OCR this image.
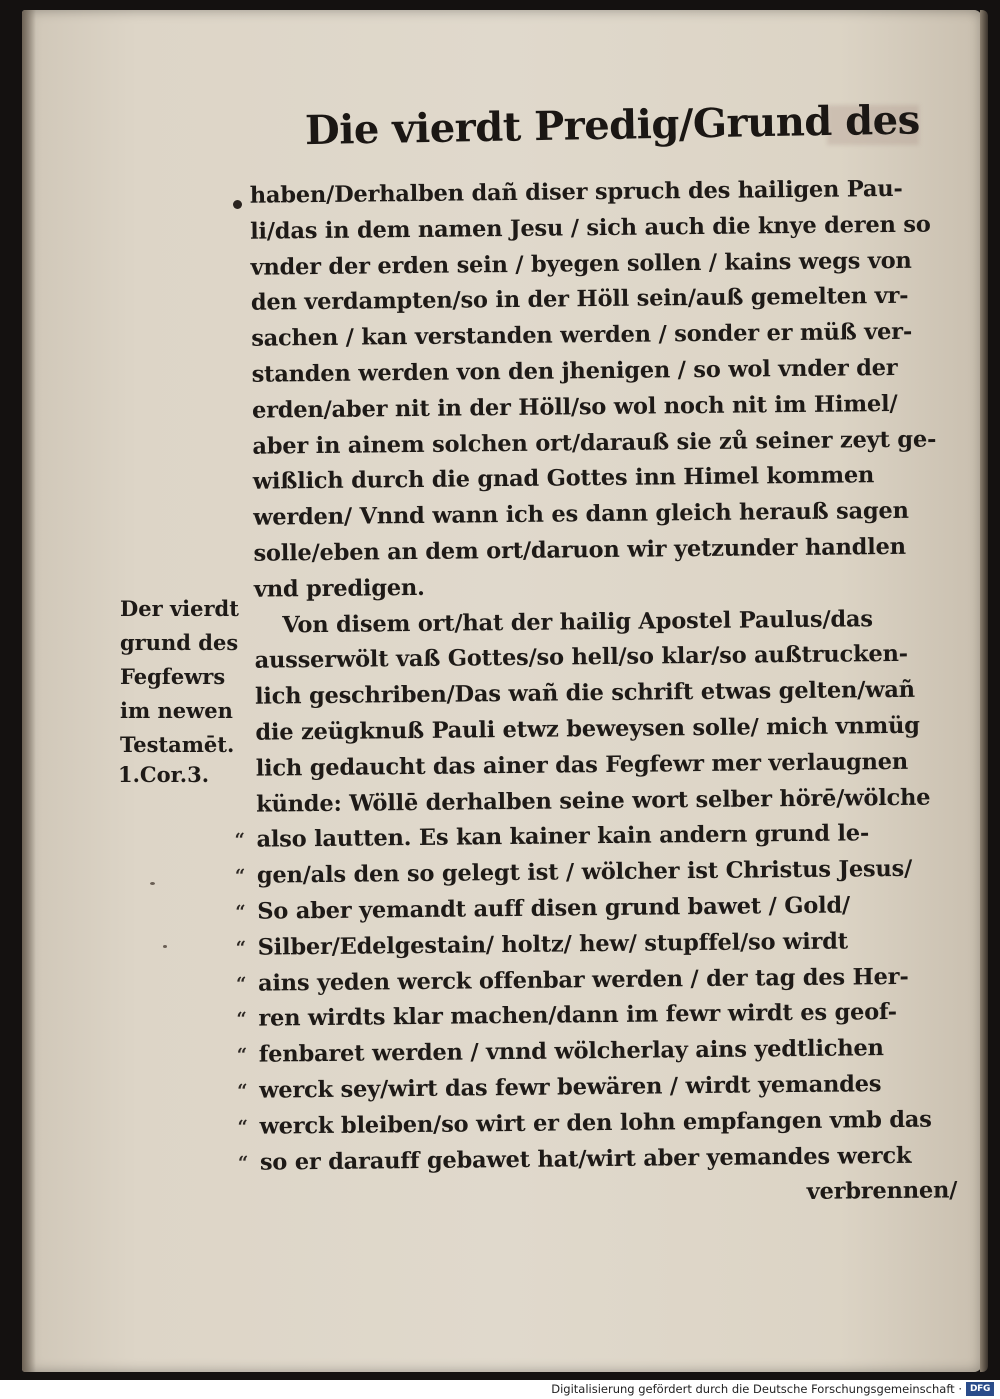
Die vierdt Predig/Grund des
haben/Derhalben dañ diser spruch des hailigen Pau-
li/das in dem namen Jesu / sich auch die knye deren so
vnder der erden sein / byegen sollen / kains wegs von
den verdampten/so in der Höll sein/auß gemelten vr-
sachen / kan verstanden werden / sonder er müß ver-
standen werden von den jhenigen / so wol vnder der
erden/aber nit in der Höll/so wol noch nit im Himel/
aber in ainem solchen ort/darauß sie zů seiner zeyt ge-
wißlich durch die gnad Gottes inn Himel kommen
werden/ Vnnd wann ich es dann gleich herauß sagen
solle/eben an dem ort/daruon wir yetzunder handlen
vnd predigen.
Von disem ort/hat der hailig Apostel Paulus/das
ausserwölt vaß Gottes/so hell/so klar/so außtrucken-
lich geschriben/Das wañ die schrift etwas gelten/wañ
die zeügknuß Pauli etwz beweysen solle/ mich vnmüg
lich gedaucht das ainer das Fegfewr mer verlaugnen
künde: Wöllē derhalben seine wort selber hörē/wölche
“ also lautten. Es kan kainer kain andern grund le-
“ gen/als den so gelegt ist / wölcher ist Christus Jesus/
“ So aber yemandt auff disen grund bawet / Gold/
“ Silber/Edelgestain/ holtz/ hew/ stupffel/so wirdt
“ ains yeden werck offenbar werden / der tag des Her-
“ ren wirdts klar machen/dann im fewr wirdt es geof-
“ fenbaret werden / vnnd wölcherlay ains yedtlichen
“ werck sey/wirt das fewr bewären / wirdt yemandes
“ werck bleiben/so wirt er den lohn empfangen vmb das
“ so er darauff gebawet hat/wirt aber yemandes werck
verbrennen/
Der vierdt
grund des
Fegfewrs
im newen
Testamēt.
1.Cor.3.
Digitalisierung gefördert durch die Deutsche Forschungsgemeinschaft · DFG
